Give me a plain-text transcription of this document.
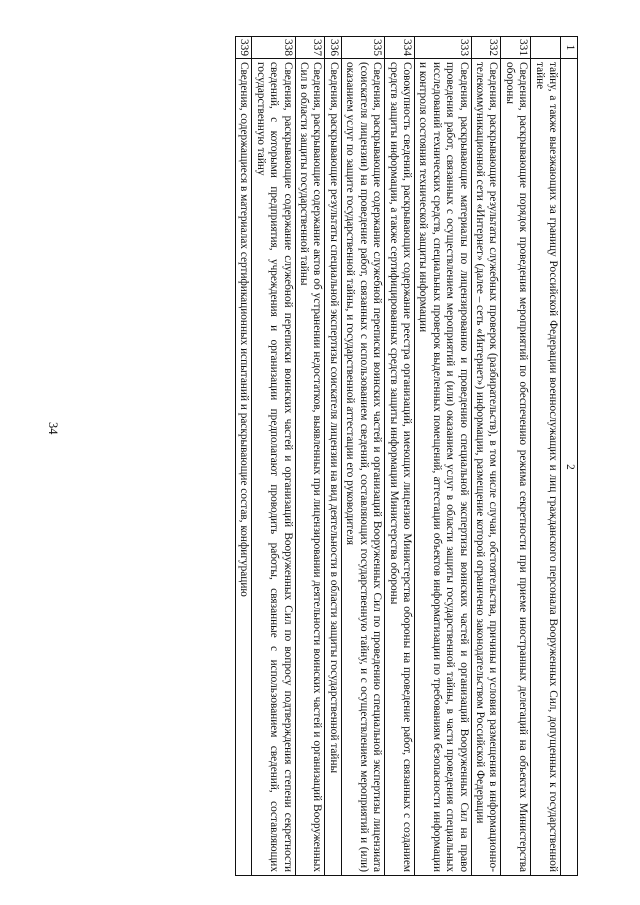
34
1	2
	тайну, а также выезжающих за границу Российской Федерации военнослужащих и лиц гражданского персонала Вооруженных Сил, допущенных к государственной тайне
331	Сведения, раскрывающие порядок проведения мероприятий по обеспечению режима секретности при приеме иностранных делегаций на объектах Министерства обороны
332	Сведения, раскрывающие результаты служебных проверок (разбирательств), в том числе случаи, обстоятельства, причины и условия размещения в информационно-телекоммуникационной сети «Интернет» (далее – сеть «Интернет») информации, размещение которой ограничено законодательством Российской Федерации
333	Сведения, раскрывающие материалы по лицензированию и проведению специальной экспертизы воинских частей и организаций Вооруженных Сил на право проведения работ, связанных с осуществлением мероприятий и (или) оказанием услуг в области защиты государственной тайны, в части проведения специальных исследований технических средств, специальных проверок выделенных помещений, аттестации объектов информатизации по требованиям безопасности информации и контроля состояния технической защиты информации
334	Совокупность сведений, раскрывающих содержание реестра организаций, имеющих лицензию Министерства обороны на проведение работ, связанных с созданием средств защиты информации, а также сертифицированных средств защиты информации Министерства обороны
335	Сведения, раскрывающие содержание служебной переписки воинских частей и организаций Вооруженных Сил по проведению специальной экспертизы лицензиата (соискателя лицензии) на проведение работ, связанных с использованием сведений, составляющих государственную тайну, и с осуществлением мероприятий и (или) оказанием услуг по защите государственной тайны, и государственной аттестации его руководителя
336	Сведения, раскрывающие результаты специальной экспертизы соискателя лицензии на вид деятельности в области защиты государственной тайны
337	Сведения, раскрывающие содержание актов об устранении недостатков, выявленных при лицензировании деятельности воинских частей и организаций Вооруженных Сил в области защиты государственной тайны
338	Сведения, раскрывающие содержание служебной переписки воинских частей и организаций Вооруженных Сил по вопросу подтверждения степени секретности сведений, с которыми предприятия, учреждения и организации предполагают проводить работы, связанные с использованием сведений, составляющих государственную тайну
339	Сведения, содержащиеся в материалах сертификационных испытаний и раскрывающие состав, конфигурацию
